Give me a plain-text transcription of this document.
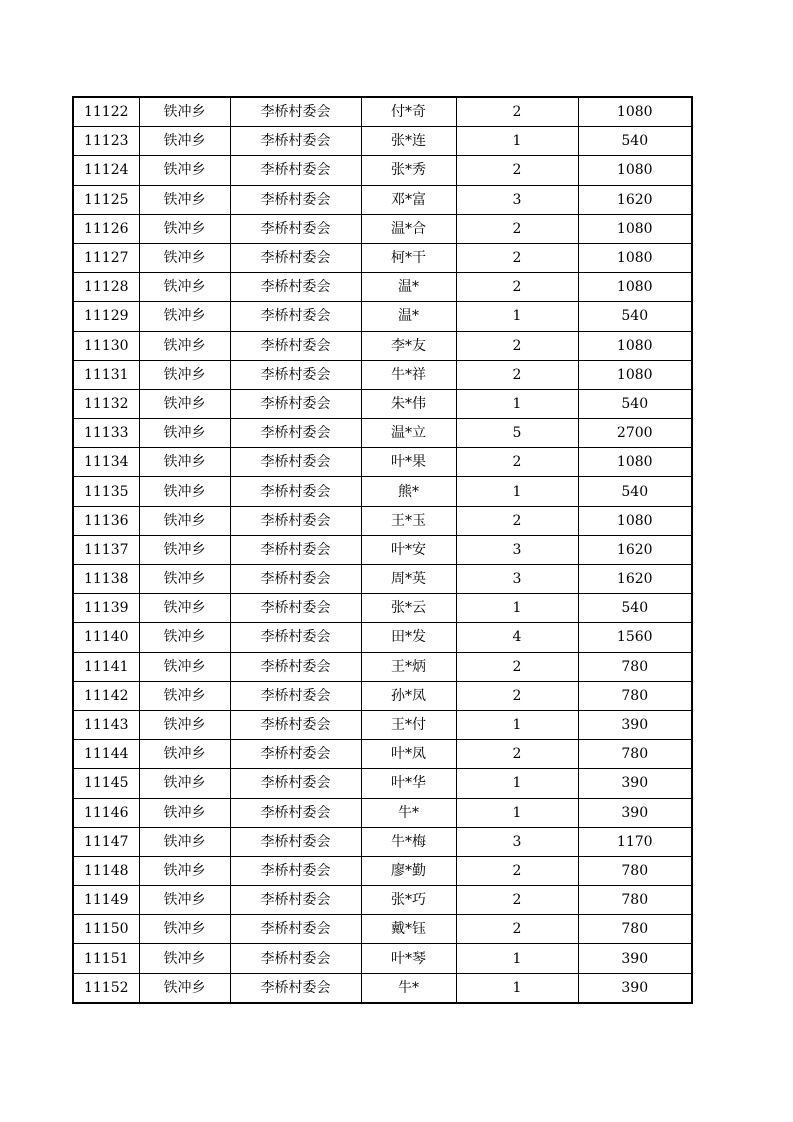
11122	铁冲乡	李桥村委会	付*奇	2	1080
11123	铁冲乡	李桥村委会	张*连	1	540
11124	铁冲乡	李桥村委会	张*秀	2	1080
11125	铁冲乡	李桥村委会	邓*富	3	1620
11126	铁冲乡	李桥村委会	温*合	2	1080
11127	铁冲乡	李桥村委会	柯*干	2	1080
11128	铁冲乡	李桥村委会	温*	2	1080
11129	铁冲乡	李桥村委会	温*	1	540
11130	铁冲乡	李桥村委会	李*友	2	1080
11131	铁冲乡	李桥村委会	牛*祥	2	1080
11132	铁冲乡	李桥村委会	朱*伟	1	540
11133	铁冲乡	李桥村委会	温*立	5	2700
11134	铁冲乡	李桥村委会	叶*果	2	1080
11135	铁冲乡	李桥村委会	熊*	1	540
11136	铁冲乡	李桥村委会	王*玉	2	1080
11137	铁冲乡	李桥村委会	叶*安	3	1620
11138	铁冲乡	李桥村委会	周*英	3	1620
11139	铁冲乡	李桥村委会	张*云	1	540
11140	铁冲乡	李桥村委会	田*发	4	1560
11141	铁冲乡	李桥村委会	王*炳	2	780
11142	铁冲乡	李桥村委会	孙*凤	2	780
11143	铁冲乡	李桥村委会	王*付	1	390
11144	铁冲乡	李桥村委会	叶*凤	2	780
11145	铁冲乡	李桥村委会	叶*华	1	390
11146	铁冲乡	李桥村委会	牛*	1	390
11147	铁冲乡	李桥村委会	牛*梅	3	1170
11148	铁冲乡	李桥村委会	廖*勤	2	780
11149	铁冲乡	李桥村委会	张*巧	2	780
11150	铁冲乡	李桥村委会	戴*钰	2	780
11151	铁冲乡	李桥村委会	叶*琴	1	390
11152	铁冲乡	李桥村委会	牛*	1	390
